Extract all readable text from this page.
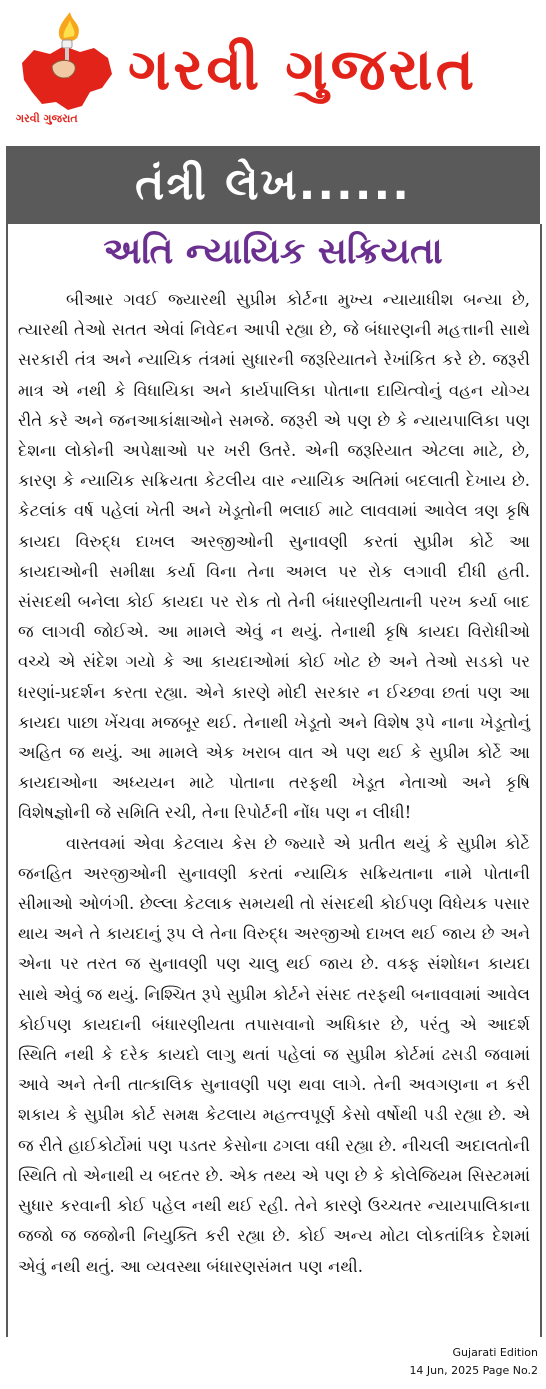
ગરવી ગુજરાત
ગરવી ગુજરાત
તંત્રી લેખ......
અતિ ન્યાયિક સક્રિયતા

બીઆર ગવઈ જ્યારથી સુપ્રીમ કોર્ટના મુખ્ય ન્યાયાધીશ બન્યા છે, ત્યારથી તેઓ સતત એવાં નિવેદન આપી રહ્યા છે, જે બંધારણની મહત્તાની સાથે સરકારી તંત્ર અને ન્યાયિક તંત્રમાં સુધારની જરૂરિયાતને રેખાંકિત કરે છે. જરૂરી માત્ર એ નથી કે વિધાયિકા અને કાર્યપાલિકા પોતાના દાયિત્વોનું વહન યોગ્ય રીતે કરે અને જનઆકાંક્ષાઓને સમજે. જરૂરી એ પણ છે કે ન્યાયપાલિકા પણ દેશના લોકોની અપેક્ષાઓ પર ખરી ઉતરે. એની જરૂરિયાત એટલા માટે, છે, કારણ કે ન્યાયિક સક્રિયતા કેટલીય વાર ન્યાયિક અતિમાં બદલાતી દેખાય છે. કેટલાંક વર્ષ પહેલાં ખેતી અને ખેડૂતોની ભલાઈ માટે લાવવામાં આવેલ ત્રણ કૃષિ કાયદા વિરુદ્ધ દાખલ અરજીઓની સુનાવણી કરતાં સુપ્રીમ કોર્ટે આ કાયદાઓની સમીક્ષા કર્યા વિના તેના અમલ પર રોક લગાવી દીધી હતી. સંસદથી બનેલા કોઈ કાયદા પર રોક તો તેની બંધારણીયતાની પરખ કર્યા બાદ જ લાગવી જોઈએ. આ મામલે એવું ન થયું. તેનાથી કૃષિ કાયદા વિરોધીઓ વચ્ચે એ સંદેશ ગયો કે આ કાયદાઓમાં કોઈ ખોટ છે અને તેઓ સડકો પર ધરણાં-પ્રદર્શન કરતા રહ્યા. એને કારણે મોદી સરકાર ન ઈચ્છવા છતાં પણ આ કાયદા પાછા ખેંચવા મજબૂર થઈ. તેનાથી ખેડૂતો અને વિશેષ રૂપે નાના ખેડૂતોનું અહિત જ થયું. આ મામલે એક ખરાબ વાત એ પણ થઈ કે સુપ્રીમ કોર્ટે આ કાયદાઓના અધ્યયન માટે પોતાના તરફથી ખેડૂત નેતાઓ અને કૃષિ વિશેષજ્ઞોની જે સમિતિ રચી, તેના રિપોર્ટની નોંધ પણ ન લીધી!

વાસ્તવમાં એવા કેટલાય કેસ છે જ્યારે એ પ્રતીત થયું કે સુપ્રીમ કોર્ટે જનહિત અરજીઓની સુનાવણી કરતાં ન્યાયિક સક્રિયતાના નામે પોતાની સીમાઓ ઓળંગી. છેલ્લા કેટલાક સમયથી તો સંસદથી કોઈપણ વિધેયક પસાર થાય અને તે કાયદાનું રૂપ લે તેના વિરુદ્ધ અરજીઓ દાખલ થઈ જાય છે અને એના પર તરત જ સુનાવણી પણ ચાલુ થઈ જાય છે. વક્ફ સંશોધન કાયદા સાથે એવું જ થયું. નિશ્ચિત રૂપે સુપ્રીમ કોર્ટને સંસદ તરફથી બનાવવામાં આવેલ કોઈપણ કાયદાની બંધારણીયતા તપાસવાનો અધિકાર છે, પરંતુ એ આદર્શ સ્થિતિ નથી કે દરેક કાયદો લાગુ થતાં પહેલાં જ સુપ્રીમ કોર્ટમાં ઢસડી જવામાં આવે અને તેની તાત્કાલિક સુનાવણી પણ થવા લાગે. તેની અવગણના ન કરી શકાય કે સુપ્રીમ કોર્ટ સમક્ષ કેટલાય મહત્ત્વપૂર્ણ કેસો વર્ષોથી પડી રહ્યા છે. એ જ રીતે હાઈકોર્ટોમાં પણ પડતર કેસોના ઢગલા વધી રહ્યા છે. નીચલી અદાલતોની સ્થિતિ તો એનાથી ય બદતર છે. એક તથ્ય એ પણ છે કે કોલેજિયમ સિસ્ટમમાં સુધાર કરવાની કોઈ પહેલ નથી થઈ રહી. તેને કારણે ઉચ્ચતર ન્યાયપાલિકાના જજો જ જજોની નિયુક્તિ કરી રહ્યા છે. કોઈ અન્ય મોટા લોકતાંત્રિક દેશમાં એવું નથી થતું. આ વ્યવસ્થા બંધારણસંમત પણ નથી.

Gujarati Edition
14 Jun, 2025 Page No.2
